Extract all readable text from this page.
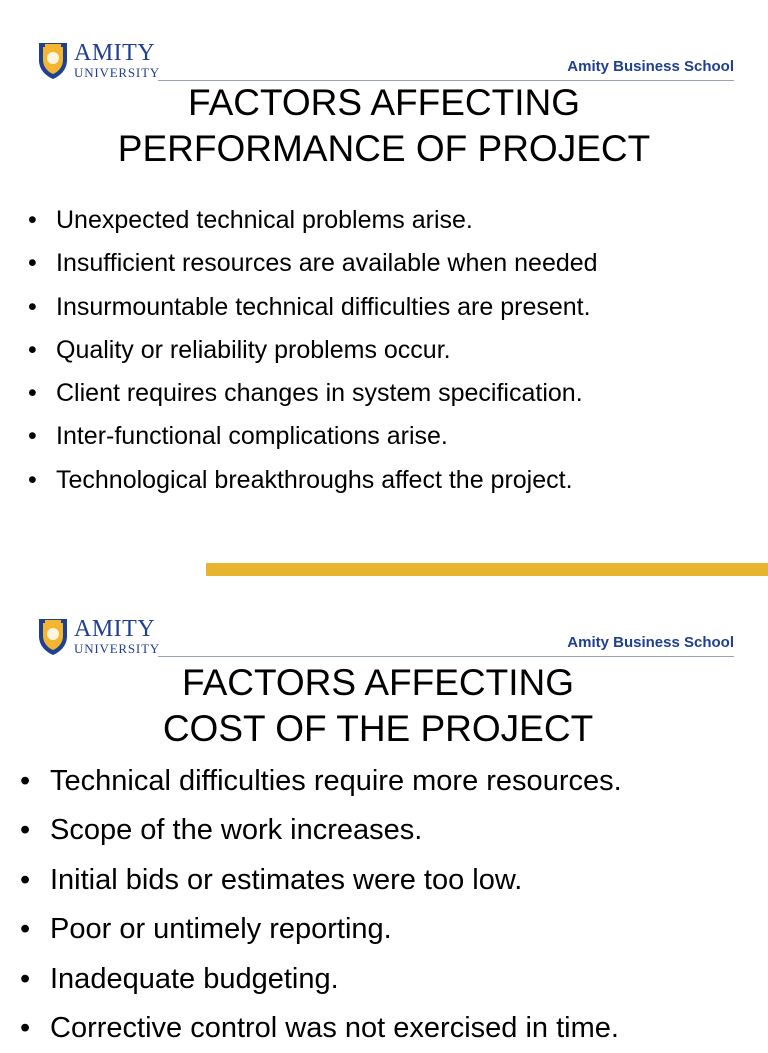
AMITY
UNIVERSITY	Amity Business School
FACTORS AFFECTING
PERFORMANCE OF PROJECT
• Unexpected technical problems arise.
• Insufficient resources are available when needed
• Insurmountable technical difficulties are present.
• Quality or reliability problems occur.
• Client requires changes in system specification.
• Inter-functional complications arise.
• Technological breakthroughs affect the project.
AMITY
UNIVERSITY	Amity Business School
FACTORS AFFECTING
COST OF THE PROJECT
• Technical difficulties require more resources.
• Scope of the work increases.
• Initial bids or estimates were too low.
• Poor or untimely reporting.
• Inadequate budgeting.
• Corrective control was not exercised in time.
